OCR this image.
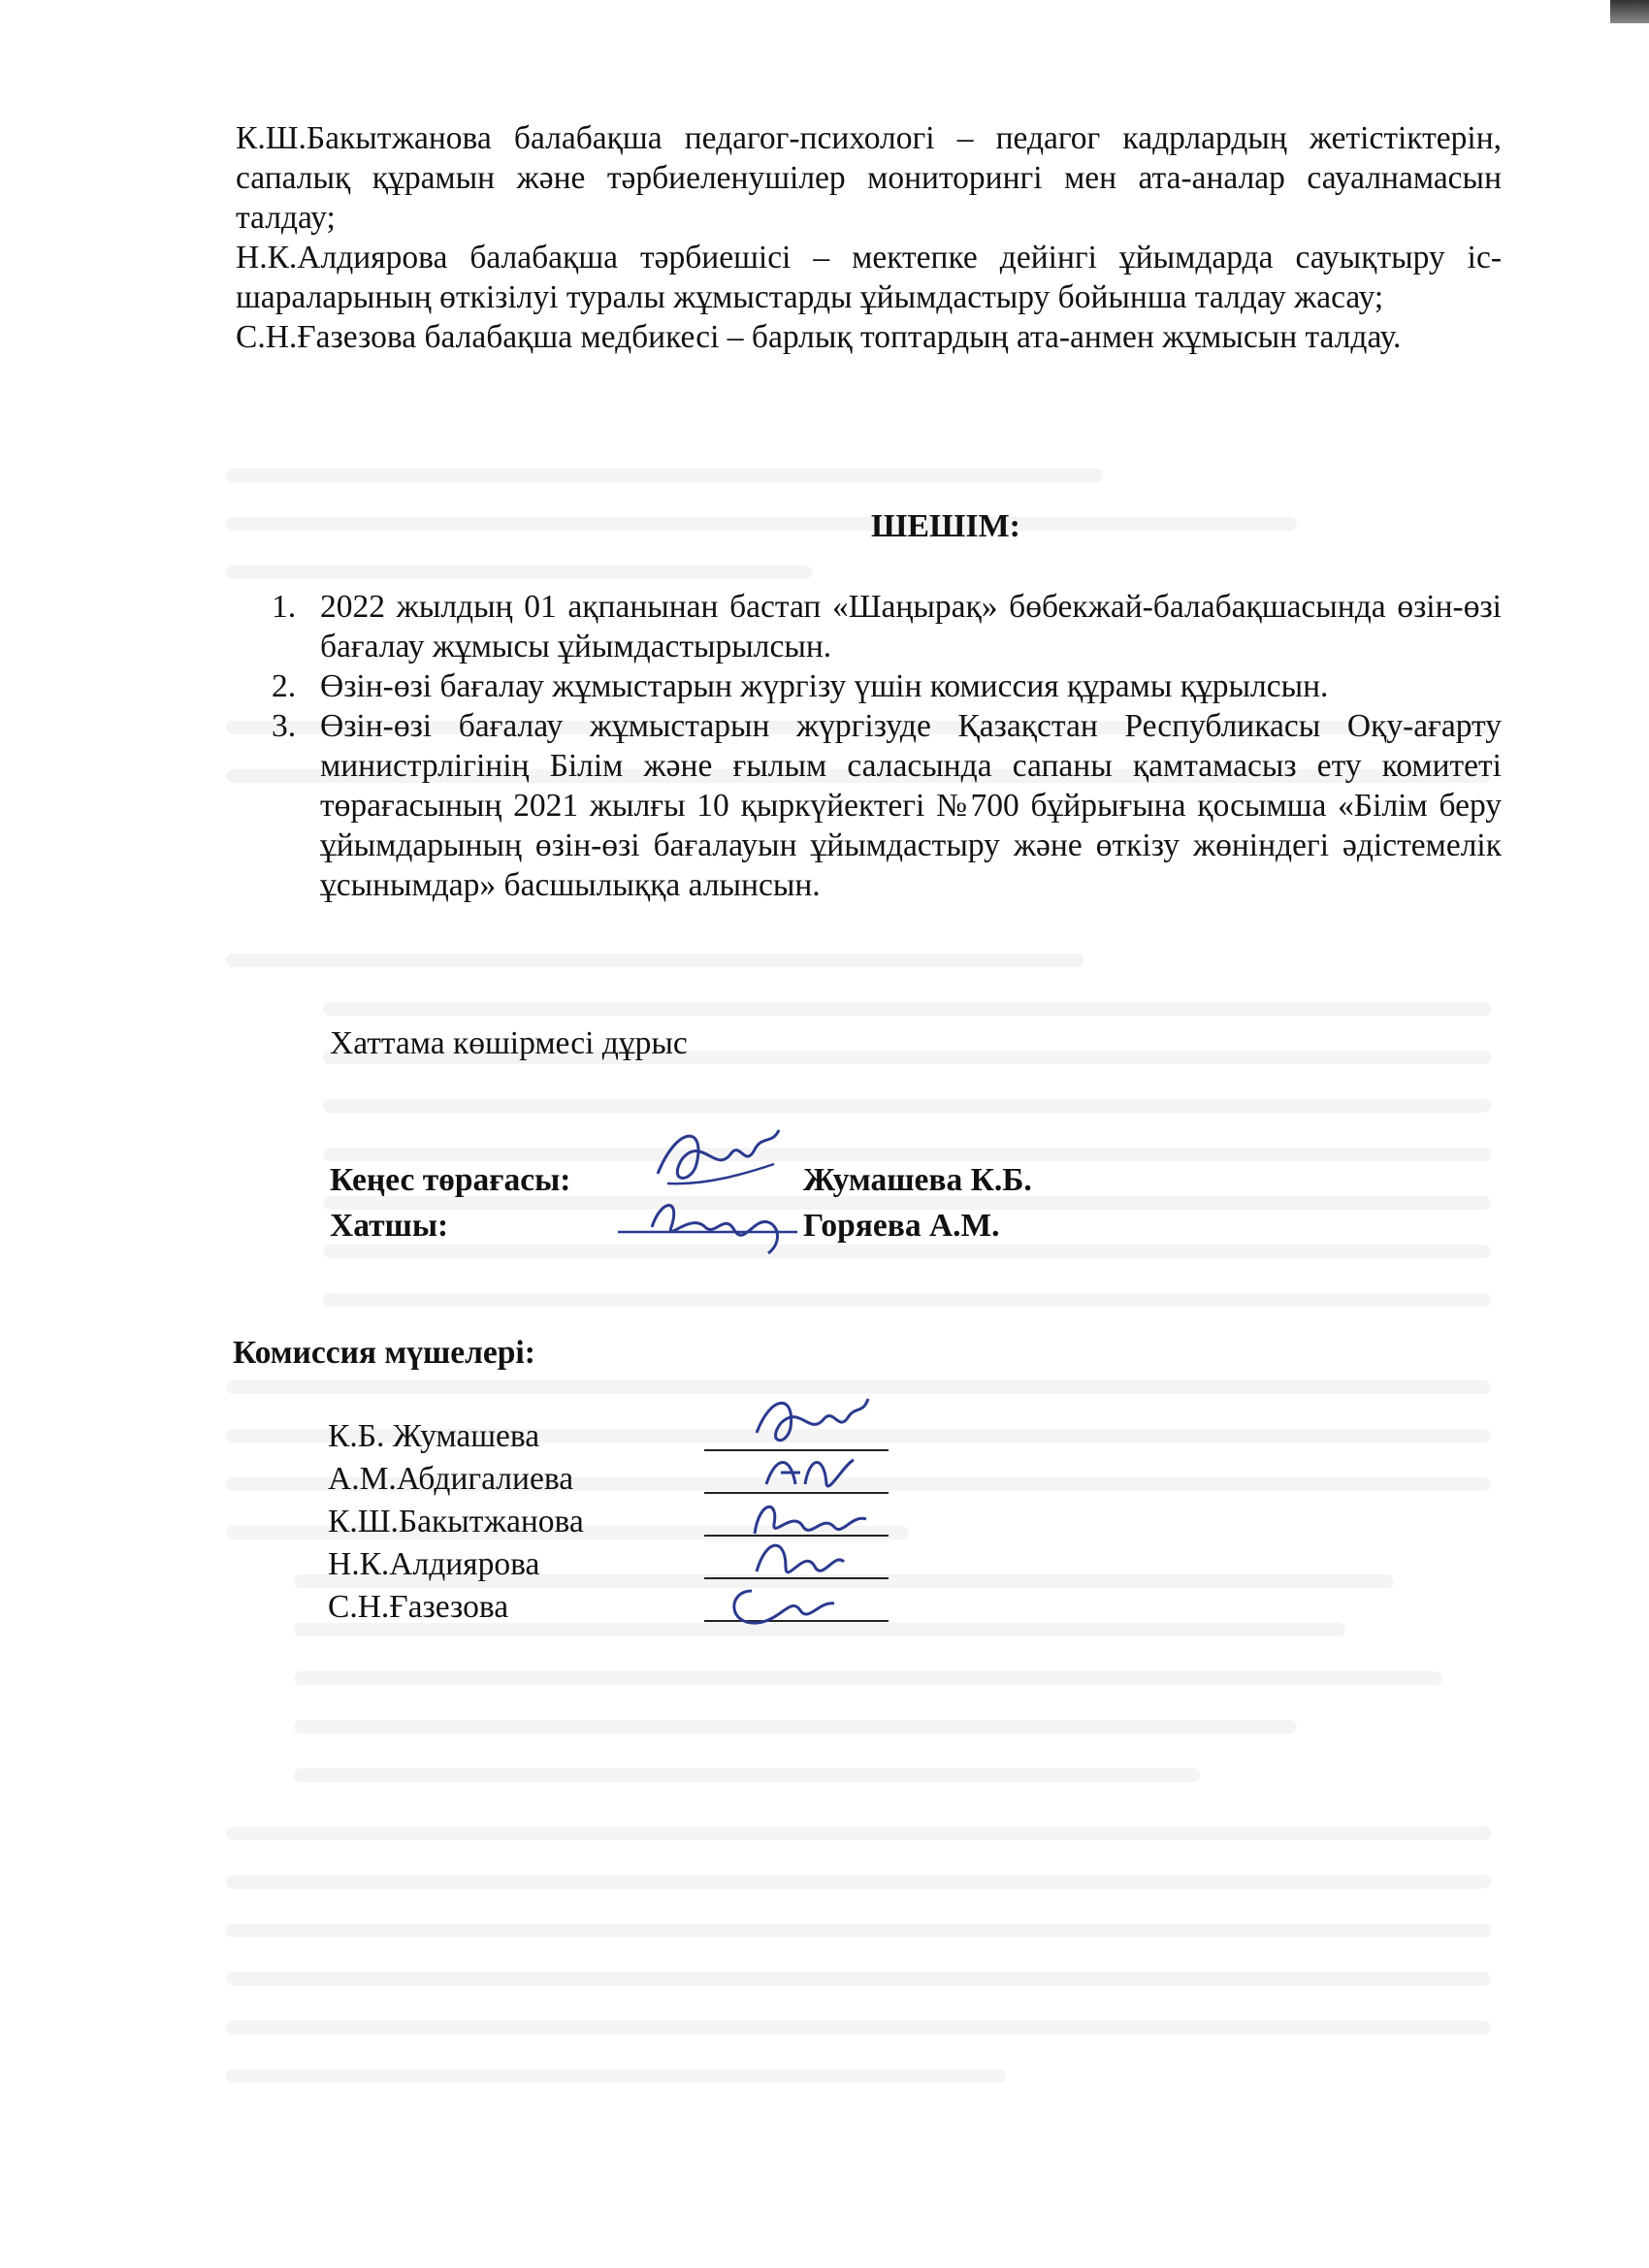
К.Ш.Бакытжанова балабақша педагог-психологі – педагог кадрлардың жетістіктерін, сапалық құрамын және тәрбиеленушілер мониторингі мен ата-аналар сауалнамасын талдау;

Н.К.Алдиярова балабақша тәрбиешісі – мектепке дейінгі ұйымдарда сауықтыру іс-шараларының өткізілуі туралы жұмыстарды ұйымдастыру бойынша талдау жасау;

С.Н.Ғазезова балабақша медбикесі – барлық топтардың ата-анмен жұмысын талдау.

ШЕШІМ:
1. 2022 жылдың 01 ақпанынан бастап «Шаңырақ» бөбекжай-балабақшасында өзін-өзі бағалау жұмысы ұйымдастырылсын.
2. Өзін-өзі бағалау жұмыстарын жүргізу үшін комиссия құрамы құрылсын.
3. Өзін-өзі бағалау жұмыстарын жүргізуде Қазақстан Республикасы Оқу-ағарту министрлігінің Білім және ғылым саласында сапаны қамтамасыз ету комитеті төрағасының 2021 жылғы 10 қыркүйектегі №700 бұйрығына қосымша «Білім беру ұйымдарының өзін-өзі бағалауын ұйымдастыру және өткізу жөніндегі әдістемелік ұсынымдар» басшылыққа алынсын.
Хаттама көшірмесі дұрыс
Кеңес төрағасы:	Жумашева К.Б.
Хатшы:	Горяева А.М.
Комиссия мүшелері:
К.Б. Жумашева
А.М.Абдигалиева
К.Ш.Бакытжанова
Н.К.Алдиярова
С.Н.Ғазезова
